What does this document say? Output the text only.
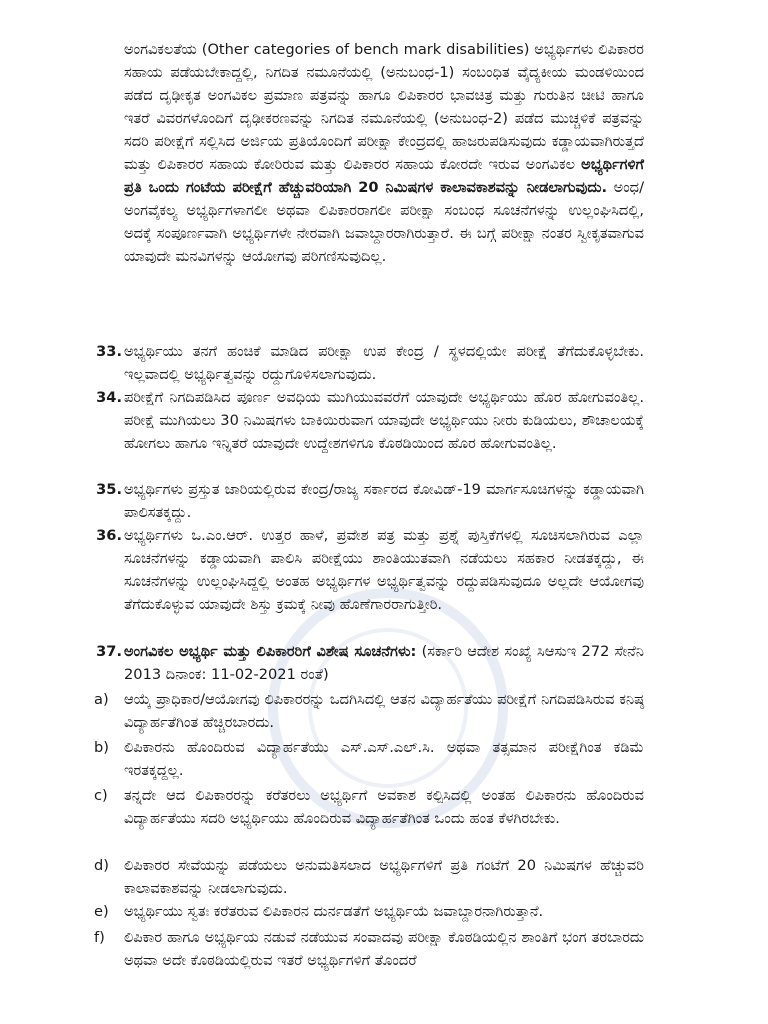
ಅಂಗವಿಕಲತೆಯ (Other categories of bench mark disabilities) ಅಭ್ಯರ್ಥಿಗಳು ಲಿಪಿಕಾರರ ಸಹಾಯ ಪಡೆಯಬೇಕಾದ್ದಲ್ಲಿ, ನಿಗದಿತ ನಮೂನೆಯಲ್ಲಿ (ಅನುಬಂಧ-1) ಸಂಬಂಧಿತ ವೈದ್ಯಕೀಯ ಮಂಡಳಿಯಿಂದ ಪಡೆದ ದೃಢೀಕೃತ ಅಂಗವಿಕಲ ಪ್ರಮಾಣ ಪತ್ರವನ್ನು ಹಾಗೂ ಲಿಪಿಕಾರರ ಭಾವಚಿತ್ರ ಮತ್ತು ಗುರುತಿನ ಚೀಟಿ ಹಾಗೂ ಇತರೆ ವಿವರಗಳೊಂದಿಗೆ ದೃಢೀಕರಣವನ್ನು ನಿಗದಿತ ನಮೂನೆಯಲ್ಲಿ (ಅನುಬಂಧ-2) ಪಡೆದ ಮುಚ್ಚಳಿಕೆ ಪತ್ರವನ್ನು ಸದರಿ ಪರೀಕ್ಷೆಗೆ ಸಲ್ಲಿಸಿದ ಅರ್ಜಿಯ ಪ್ರತಿಯೊಂದಿಗೆ ಪರೀಕ್ಷಾ ಕೇಂದ್ರದಲ್ಲಿ ಹಾಜರುಪಡಿಸುವುದು ಕಡ್ಡಾಯವಾಗಿರುತ್ತದೆ ಮತ್ತು ಲಿಪಿಕಾರರ ಸಹಾಯ ಕೋರಿರುವ ಮತ್ತು ಲಿಪಿಕಾರರ ಸಹಾಯ ಕೋರದೇ ಇರುವ ಅಂಗವಿಕಲ ಅಭ್ಯರ್ಥಿಗಳಿಗೆ ಪ್ರತಿ ಒಂದು ಗಂಟೆಯ ಪರೀಕ್ಷೆಗೆ ಹೆಚ್ಚುವರಿಯಾಗಿ 20 ನಿಮಿಷಗಳ ಕಾಲಾವಕಾಶವನ್ನು ನೀಡಲಾಗುವುದು. ಅಂಧ/ ಅಂಗವೈಕಲ್ಯ ಅಭ್ಯರ್ಥಿಗಳಾಗಲೀ ಅಥವಾ ಲಿಪಿಕಾರರಾಗಲೀ ಪರೀಕ್ಷಾ ಸಂಬಂಧ ಸೂಚನೆಗಳನ್ನು ಉಲ್ಲಂಘಿಸಿದಲ್ಲಿ, ಅದಕ್ಕೆ ಸಂಪೂರ್ಣವಾಗಿ ಅಭ್ಯರ್ಥಿಗಳೇ ನೇರವಾಗಿ ಜವಾಬ್ದಾರರಾಗಿರುತ್ತಾರೆ. ಈ ಬಗ್ಗೆ ಪರೀಕ್ಷಾ ನಂತರ ಸ್ವೀಕೃತವಾಗುವ ಯಾವುದೇ ಮನವಿಗಳನ್ನು ಆಯೋಗವು ಪರಿಗಣಿಸುವುದಿಲ್ಲ.
33. ಅಭ್ಯರ್ಥಿಯು ತನಗೆ ಹಂಚಿಕೆ ಮಾಡಿದ ಪರೀಕ್ಷಾ ಉಪ ಕೇಂದ್ರ / ಸ್ಥಳದಲ್ಲಿಯೇ ಪರೀಕ್ಷೆ ತೆಗೆದುಕೊಳ್ಳಬೇಕು. ಇಲ್ಲವಾದಲ್ಲಿ ಅಭ್ಯರ್ಥಿತ್ವವನ್ನು ರದ್ದುಗೊಳಿಸಲಾಗುವುದು.
34. ಪರೀಕ್ಷೆಗೆ ನಿಗದಿಪಡಿಸಿದ ಪೂರ್ಣ ಅವಧಿಯ ಮುಗಿಯುವವರೆಗೆ ಯಾವುದೇ ಅಭ್ಯರ್ಥಿಯು ಹೊರ ಹೋಗುವಂತಿಲ್ಲ. ಪರೀಕ್ಷೆ ಮುಗಿಯಲು 30 ನಿಮಿಷಗಳು ಬಾಕಿಯಿರುವಾಗ ಯಾವುದೇ ಅಭ್ಯರ್ಥಿಯು ನೀರು ಕುಡಿಯಲು, ಶೌಚಾಲಯಕ್ಕೆ ಹೋಗಲು ಹಾಗೂ ಇನ್ನಿತರೆ ಯಾವುದೇ ಉದ್ದೇಶಗಳಿಗೂ ಕೊಠಡಿಯಿಂದ ಹೊರ ಹೋಗುವಂತಿಲ್ಲ.
35. ಅಭ್ಯರ್ಥಿಗಳು ಪ್ರಸ್ತುತ ಜಾರಿಯಲ್ಲಿರುವ ಕೇಂದ್ರ/ರಾಜ್ಯ ಸರ್ಕಾರದ ಕೋವಿಡ್-19 ಮಾರ್ಗಸೂಚಿಗಳನ್ನು ಕಡ್ಡಾಯವಾಗಿ ಪಾಲಿಸತಕ್ಕದ್ದು.
36. ಅಭ್ಯರ್ಥಿಗಳು ಒ.ಎಂ.ಆರ್. ಉತ್ತರ ಹಾಳೆ, ಪ್ರವೇಶ ಪತ್ರ ಮತ್ತು ಪ್ರಶ್ನೆ ಪುಸ್ತಿಕೆಗಳಲ್ಲಿ ಸೂಚಿಸಲಾಗಿರುವ ಎಲ್ಲಾ ಸೂಚನೆಗಳನ್ನು ಕಡ್ಡಾಯವಾಗಿ ಪಾಲಿಸಿ ಪರೀಕ್ಷೆಯು ಶಾಂತಿಯುತವಾಗಿ ನಡೆಯಲು ಸಹಕಾರ ನೀಡತಕ್ಕದ್ದು, ಈ ಸೂಚನೆಗಳನ್ನು ಉಲ್ಲಂಘಿಸಿದ್ದಲ್ಲಿ ಅಂತಹ ಅಭ್ಯರ್ಥಿಗಳ ಅಭ್ಯರ್ಥಿತ್ವವನ್ನು ರದ್ದುಪಡಿಸುವುದೂ ಅಲ್ಲದೇ ಆಯೋಗವು ತೆಗೆದುಕೊಳ್ಳುವ ಯಾವುದೇ ಶಿಸ್ತು ಕ್ರಮಕ್ಕೆ ನೀವು ಹೊಣೆಗಾರರಾಗುತ್ತೀರಿ.
37. ಅಂಗವಿಕಲ ಅಭ್ಯರ್ಥಿ ಮತ್ತು ಲಿಪಿಕಾರರಿಗೆ ವಿಶೇಷ ಸೂಚನೆಗಳು: (ಸರ್ಕಾರಿ ಆದೇಶ ಸಂಖ್ಯೆ ಸಿಆಸುಇ 272 ಸೇನೆನಿ 2013 ದಿನಾಂಕ: 11-02-2021 ರಂತೆ)
a)	ಆಯ್ಕೆ ಪ್ರಾಧಿಕಾರ/ಆಯೋಗವು ಲಿಪಿಕಾರರನ್ನು ಒದಗಿಸಿದಲ್ಲಿ ಆತನ ವಿದ್ಯಾರ್ಹತೆಯು ಪರೀಕ್ಷೆಗೆ ನಿಗದಿಪಡಿಸಿರುವ ಕನಿಷ್ಠ ವಿದ್ಯಾರ್ಹತೆಗಿಂತ ಹೆಚ್ಚಿರಬಾರದು.
b)	ಲಿಪಿಕಾರನು ಹೊಂದಿರುವ ವಿದ್ಯಾರ್ಹತೆಯು ಎಸ್.ಎಸ್.ಎಲ್.ಸಿ. ಅಥವಾ ತತ್ಸಮಾನ ಪರೀಕ್ಷೆಗಿಂತ ಕಡಿಮೆ ಇರತಕ್ಕದ್ದಲ್ಲ.
c)	ತನ್ನದೇ ಆದ ಲಿಪಿಕಾರರನ್ನು ಕರೆತರಲು ಅಭ್ಯರ್ಥಿಗೆ ಅವಕಾಶ ಕಲ್ಪಿಸಿದಲ್ಲಿ ಅಂತಹ ಲಿಪಿಕಾರನು ಹೊಂದಿರುವ ವಿದ್ಯಾರ್ಹತೆಯು ಸದರಿ ಅಭ್ಯರ್ಥಿಯು ಹೊಂದಿರುವ ವಿದ್ಯಾರ್ಹತೆಗಿಂತ ಒಂದು ಹಂತ ಕೆಳಗಿರಬೇಕು.
d)	ಲಿಪಿಕಾರರ ಸೇವೆಯನ್ನು ಪಡೆಯಲು ಅನುಮತಿಸಲಾದ ಅಭ್ಯರ್ಥಿಗಳಿಗೆ ಪ್ರತಿ ಗಂಟೆಗೆ 20 ನಿಮಿಷಗಳ ಹೆಚ್ಚುವರಿ ಕಾಲಾವಕಾಶವನ್ನು ನೀಡಲಾಗುವುದು.
e)	ಅಭ್ಯರ್ಥಿಯು ಸ್ವತಃ ಕರೆತರುವ ಲಿಪಿಕಾರನ ದುರ್ನಡತೆಗೆ ಅಭ್ಯರ್ಥಿಯೆ ಜವಾಬ್ದಾರನಾಗಿರುತ್ತಾನೆ.
f)	ಲಿಪಿಕಾರ ಹಾಗೂ ಅಭ್ಯರ್ಥಿಯ ನಡುವೆ ನಡೆಯುವ ಸಂವಾದವು ಪರೀಕ್ಷಾ ಕೊಠಡಿಯಲ್ಲಿನ ಶಾಂತಿಗೆ ಭಂಗ ತರಬಾರದು ಅಥವಾ ಅದೇ ಕೊಠಡಿಯಲ್ಲಿರುವ ಇತರೆ ಅಭ್ಯರ್ಥಿಗಳಿಗೆ ತೊಂದರೆ
